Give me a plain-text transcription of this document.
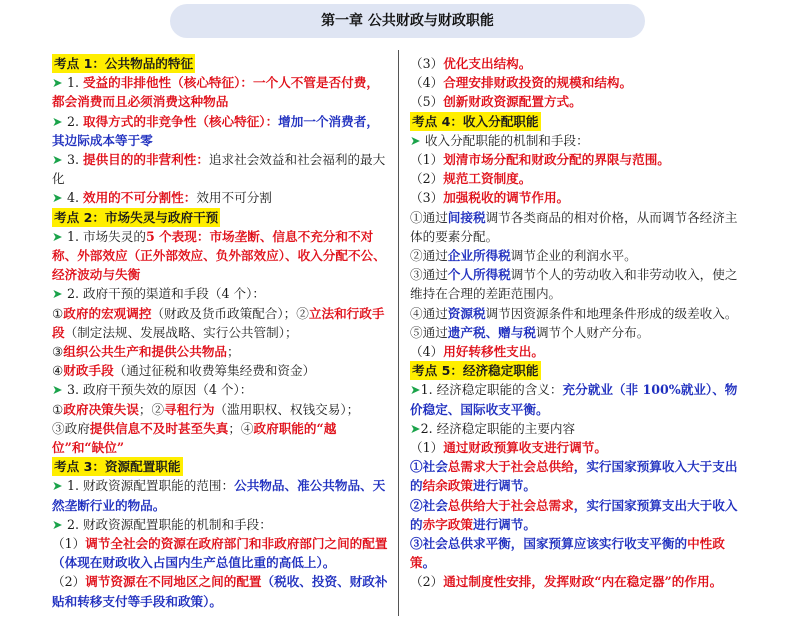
第一章 公共财政与财政职能

考点 1：公共物品的特征

➤ 1. 受益的非排他性（核心特征）：一个人不管是否付费，都会消费而且必须消费这种物品

➤ 2. 取得方式的非竞争性（核心特征）：增加一个消费者，其边际成本等于零

➤ 3. 提供目的的非营利性：追求社会效益和社会福利的最大化

➤ 4. 效用的不可分割性：效用不可分割

考点 2：市场失灵与政府干预

➤ 1. 市场失灵的5 个表现：市场垄断、信息不充分和不对称、外部效应（正外部效应、负外部效应）、收入分配不公、经济波动与失衡

➤ 2. 政府干预的渠道和手段（4 个）：

①政府的宏观调控（财政及货币政策配合）；②立法和行政手段（制定法规、发展战略、实行公共管制）；

③组织公共生产和提供公共物品；

④财政手段（通过征税和收费筹集经费和资金）

➤ 3. 政府干预失效的原因（4 个）：

①政府决策失误；②寻租行为（滥用职权、权钱交易）；

③政府提供信息不及时甚至失真；④政府职能的“越位”和“缺位”

考点 3：资源配置职能

➤ 1. 财政资源配置职能的范围：公共物品、准公共物品、天然垄断行业的物品。

➤ 2. 财政资源配置职能的机制和手段：

（1）调节全社会的资源在政府部门和非政府部门之间的配置（体现在财政收入占国内生产总值比重的高低上）。

（2）调节资源在不同地区之间的配置（税收、投资、财政补贴和转移支付等手段和政策）。

（3）优化支出结构。

（4）合理安排财政投资的规模和结构。

（5）创新财政资源配置方式。

考点 4：收入分配职能

➤ 收入分配职能的机制和手段：

（1）划清市场分配和财政分配的界限与范围。

（2）规范工资制度。

（3）加强税收的调节作用。

①通过间接税调节各类商品的相对价格，从而调节各经济主体的要素分配。

②通过企业所得税调节企业的利润水平。

③通过个人所得税调节个人的劳动收入和非劳动收入，使之维持在合理的差距范围内。

④通过资源税调节因资源条件和地理条件形成的级差收入。

⑤通过遗产税、赠与税调节个人财产分布。

（4）用好转移性支出。

考点 5：经济稳定职能

➤1. 经济稳定职能的含义：充分就业（非 100%就业）、物价稳定、国际收支平衡。

➤2. 经济稳定职能的主要内容

（1）通过财政预算收支进行调节。

①社会总需求大于社会总供给，实行国家预算收入大于支出的结余政策进行调节。

②社会总供给大于社会总需求，实行国家预算支出大于收入的赤字政策进行调节。

③社会总供求平衡，国家预算应该实行收支平衡的中性政策。

（2）通过制度性安排，发挥财政“内在稳定器”的作用。
